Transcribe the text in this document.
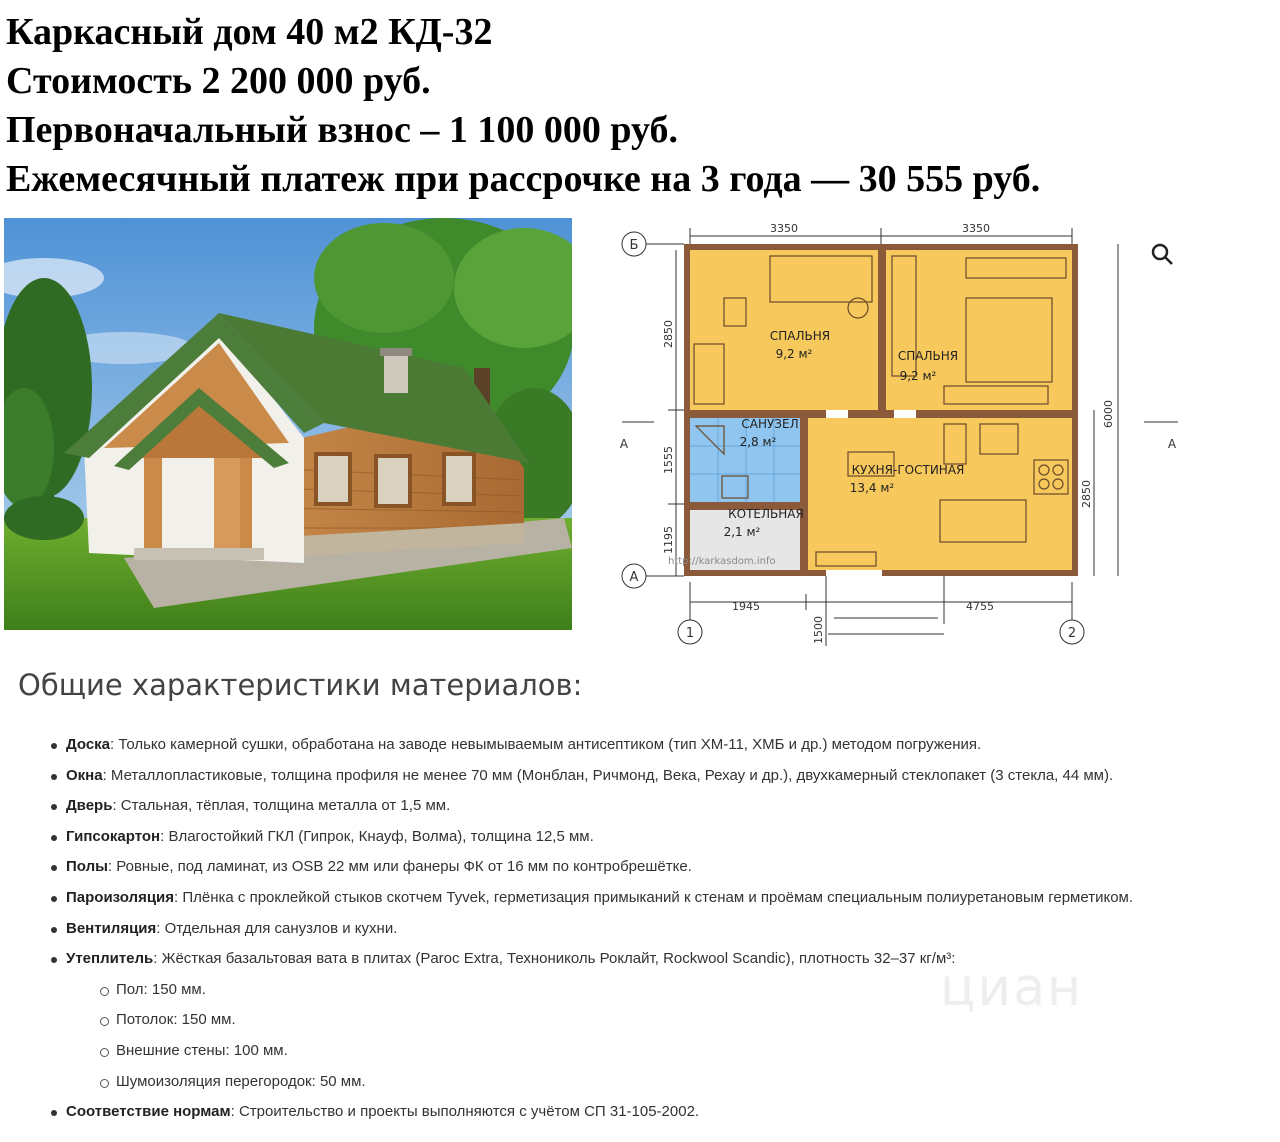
Каркасный дом 40 м2 КД-32
Стоимость 2 200 000 руб.
Первоначальный взнос – 1 100 000 руб.
Ежемесячный платеж при рассрочке на 3 года — 30 555 руб.
3350	3350
2850
1555
1195
6000
2850
1945	4755
1500
Б
А
1	2
А	А
СПАЛЬНЯ
9,2 м²	СПАЛЬНЯ
9,2 м²
САНУЗЕЛ
2,8 м²
КУХНЯ-ГОСТИНАЯ
13,4 м²
КОТЕЛЬНАЯ
2,1 м²
http://karkasdom.info
Общие характеристики материалов:
Доска: Только камерной сушки, обработана на заводе невымываемым антисептиком (тип ХМ-11, ХМБ и др.) методом погружения.
Окна: Металлопластиковые, толщина профиля не менее 70 мм (Монблан, Ричмонд, Века, Рехау и др.), двухкамерный стеклопакет (3 стекла, 44 мм).
Дверь: Стальная, тёплая, толщина металла от 1,5 мм.
Гипсокартон: Влагостойкий ГКЛ (Гипрок, Кнауф, Волма), толщина 12,5 мм.
Полы: Ровные, под ламинат, из OSB 22 мм или фанеры ФК от 16 мм по контробрешётке.
Пароизоляция: Плёнка с проклейкой стыков скотчем Tyvek, герметизация примыканий к стенам и проёмам специальным полиуретановым герметиком.
Вентиляция: Отдельная для санузлов и кухни.
Утеплитель: Жёсткая базальтовая вата в плитах (Paroc Extra, Технониколь Роклайт, Rockwool Scandic), плотность 32–37 кг/м³:
Пол: 150 мм.
Потолок: 150 мм.
Внешние стены: 100 мм.
Шумоизоляция перегородок: 50 мм.
Соответствие нормам: Строительство и проекты выполняются с учётом СП 31-105-2002.
циан
